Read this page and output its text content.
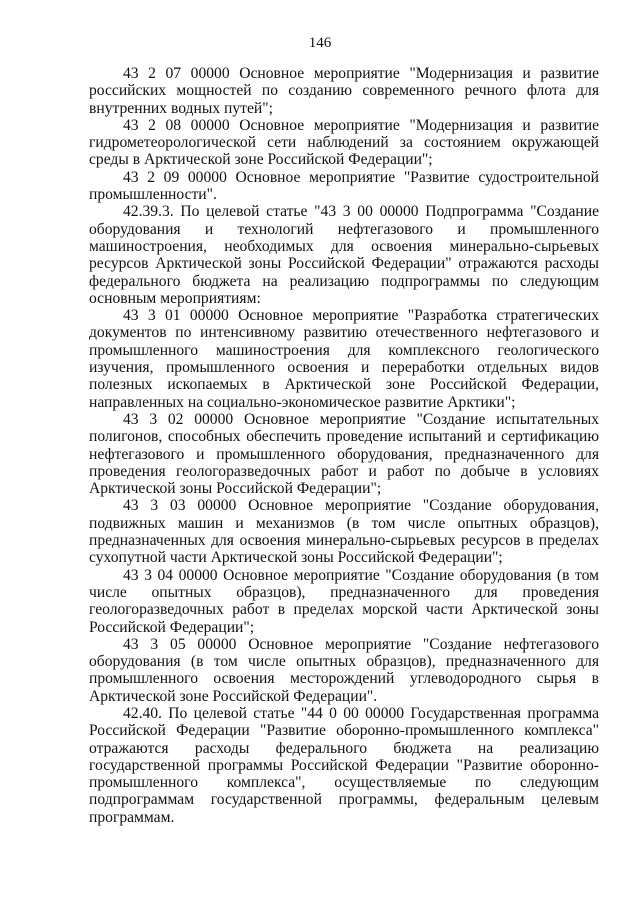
146

43 2 07 00000 Основное мероприятие "Модернизация и развитие российских мощностей по созданию современного речного флота для внутренних водных путей";

43 2 08 00000 Основное мероприятие "Модернизация и развитие гидрометеорологической сети наблюдений за состоянием окружающей среды в Арктической зоне Российской Федерации";

43 2 09 00000 Основное мероприятие "Развитие судостроительной промышленности".

42.39.3. По целевой статье "43 3 00 00000 Подпрограмма "Создание оборудования и технологий нефтегазового и промышленного машиностроения, необходимых для освоения минерально-сырьевых ресурсов Арктической зоны Российской Федерации" отражаются расходы федерального бюджета на реализацию подпрограммы по следующим основным мероприятиям:

43 3 01 00000 Основное мероприятие "Разработка стратегических документов по интенсивному развитию отечественного нефтегазового и промышленного машиностроения для комплексного геологического изучения, промышленного освоения и переработки отдельных видов полезных ископаемых в Арктической зоне Российской Федерации, направленных на социально-экономическое развитие Арктики";

43 3 02 00000 Основное мероприятие "Создание испытательных полигонов, способных обеспечить проведение испытаний и сертификацию нефтегазового и промышленного оборудования, предназначенного для проведения геологоразведочных работ и работ по добыче в условиях Арктической зоны Российской Федерации";

43 3 03 00000 Основное мероприятие "Создание оборудования, подвижных машин и механизмов (в том числе опытных образцов), предназначенных для освоения минерально-сырьевых ресурсов в пределах сухопутной части Арктической зоны Российской Федерации";

43 3 04 00000 Основное мероприятие "Создание оборудования (в том числе опытных образцов), предназначенного для проведения геологоразведочных работ в пределах морской части Арктической зоны Российской Федерации";

43 3 05 00000 Основное мероприятие "Создание нефтегазового оборудования (в том числе опытных образцов), предназначенного для промышленного освоения месторождений углеводородного сырья в Арктической зоне Российской Федерации".

42.40. По целевой статье "44 0 00 00000 Государственная программа Российской Федерации "Развитие оборонно-промышленного комплекса" отражаются расходы федерального бюджета на реализацию государственной программы Российской Федерации "Развитие оборонно-промышленного комплекса", осуществляемые по следующим подпрограммам государственной программы, федеральным целевым программам.
